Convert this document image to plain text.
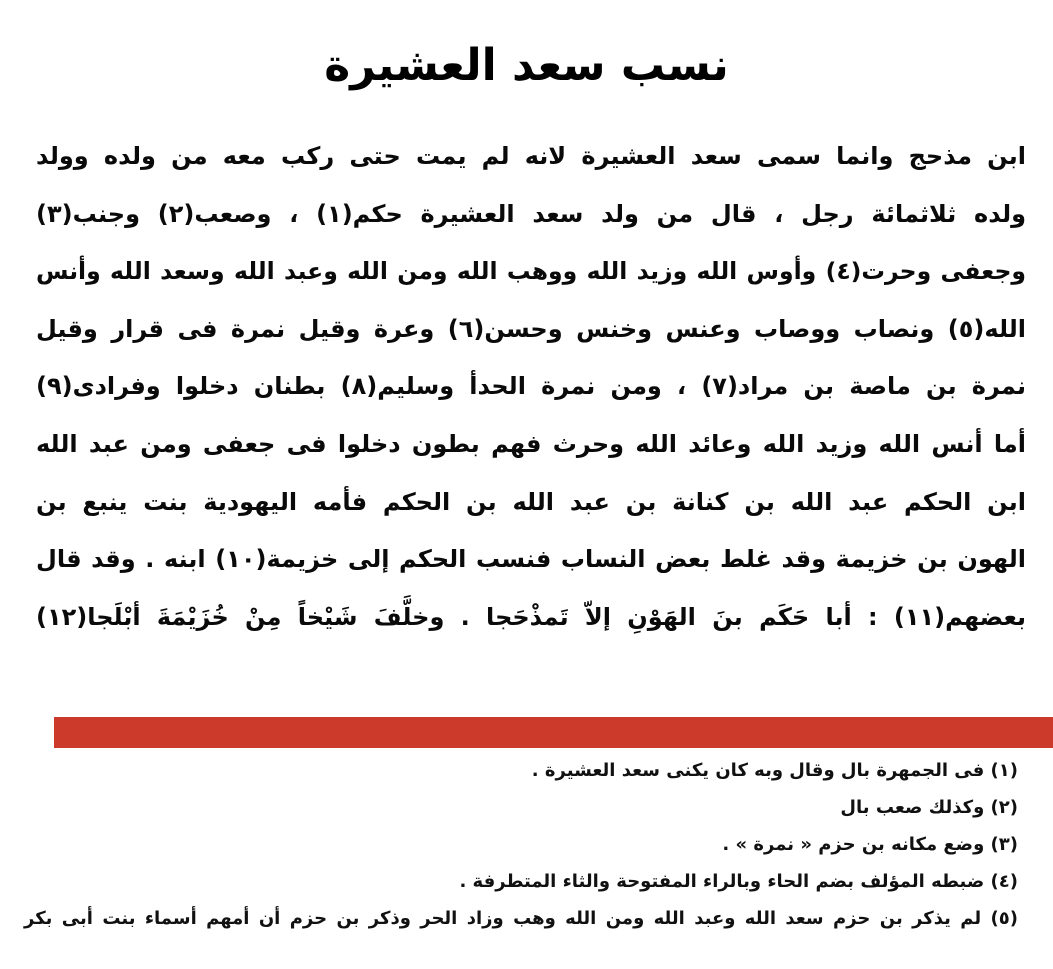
نسب سعد العشيرة
ابن مذحج وانما سمى سعد العشيرة لانه لم يمت حتى ركب معه من ولده وولد
ولده ثلاثمائة رجل ، قال من ولد سعد العشيرة حكم(١) ، وصعب(٢) وجنب(٣)
وجعفى وحرت(٤) وأوس الله وزيد الله ووهب الله ومن الله وعبد الله وسعد الله وأنس
الله(٥) ونصاب ووصاب وعنس وخنس وحسن(٦) وعرة وقيل نمرة فى قرار وقيل
نمرة بن ماصة بن مراد(٧) ، ومن نمرة الحدأ وسليم(٨) بطنان دخلوا وفرادى(٩)
أما أنس الله وزيد الله وعائد الله وحرث فهم بطون دخلوا فى جعفى ومن عبد الله
ابن الحكم عبد الله بن كنانة بن عبد الله بن الحكم فأمه اليهودية بنت ينبع بن
الهون بن خزيمة وقد غلط بعض النساب فنسب الحكم إلى خزيمة(١٠) ابنه . وقد قال
بعضهم(١١) : أبا حَكَم بنَ الهَوْنِ إلاّ تَمذْحَجا . وخلَّفَ شَيْخاً مِنْ خُزَيْمَةَ أبْلَجا(١٢)
(١) فى الجمهرة بال وقال وبه كان يكنى سعد العشيرة .
(٢) وكذلك صعب بال
(٣) وضع مكانه بن حزم « نمرة » .
(٤) ضبطه المؤلف بضم الحاء وبالراء المفتوحة والثاء المتطرفة .
(٥) لم يذكر بن حزم سعد الله وعبد الله ومن الله وهب وزاد الحر وذكر بن حزم أن أمهم أسماء بنت أبى بكر
